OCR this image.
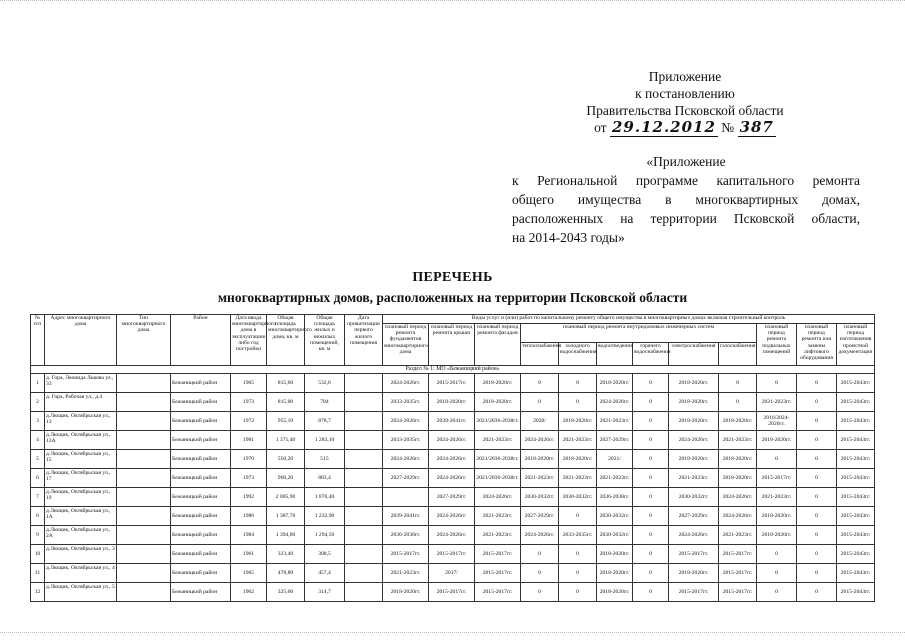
Приложение
к постановлению
Правительства Псковской области
от 29.12.2012 № 387
«Приложение
к Региональной программе капитального ремонта
общего имущества в многоквартирных домах,
расположенных на территории Псковской области,
на 2014-2043 годы»
ПЕРЕЧЕНЬ
многоквартирных домов, расположенных на территории Псковской области
№ п/п	Адрес многоквартирного дома	Тип многоквартирного дома	Район	Дата ввода многоквартирного дома в эксплуатацию либо год постройки	Общая площадь многоквартирного дома, кв. м	Общая площадь жилых и нежилых помещений, кв. м	Дата приватизации первого жилого помещения	Виды услуг и (или) работ по капитальному ремонту общего имущества в многоквартирных домах включая строительный контроль											
								плановый период ремонта фундаментов многоквартирного дома	плановый период ремонта крыши	плановый период ремонта фасадов	плановый период ремонта внутридомовых инженерных систем						плановый период ремонта подвальных помещений	плановый период ремонта или замены лифтового оборудования	плановый период изготовления проектной документации
											теплоснабжения	холодного водоснабжения	водоотведения	горячего водоснабжения	электроснабжения	газоснабжения			
Раздел № 1: МО «Бежаницкий район»																			
1	д. Гора, Леонида Львова ул., 33		Бежаницкий район	1965	815,60	532,6		2024-2026гг.	2015-2017гг.	2018-2020гг.	0	0	2018-2020гг.	0	2018-2020гг.	0	0	0	2015-2043гг.
2	д. Гора, Рабочая ул., д.4		Бежаницкий район	1973	815,00	784		2033-2035гг.	2018-2020гг.	2018-2020гг.	0	0	2024-2026гг.	0	2018-2020гг.	0	2021-2023гг.	0	2015-2043гг.
3	д.Лющик, Октябрьская ул., 13		Бежаницкий район	1972	955,10	878,7		2024-2026гг.	2039-2041гг.	2021/2036-2038гг.	2020/	2018-2020гг.	2021-2023гг.	0	2018-2020гг.	2018-2020гг.	2016/2024-2026гг.	0	2015-2043гг.
4	д.Лющик, Октябрьская ул., 13А		Бежаницкий район	1981	1 371,40	1 283,10		2033-2035гг.	2024-2026гг.	2021-2023гг.	2024-2026гг.	2021-2023гг.	2027-2029гг.	0	2024-2026гг.	2021-2023гг.	2018-2020гг.	0	2015-2043гг.
5	д.Лющик, Октябрьская ул., 15		Бежаницкий район	1970	550,20	515		2024-2026гг.	2024-2026гг.	2021/2036-2038гг.	2018-2020гг.	2018-2020гг.	2021/	0	2018-2020гг.	2018-2020гг.	0	0	2015-2043гг.
6	д.Лющик, Октябрьская ул., 17		Бежаницкий район	1973	960,20	883,4		2027-2029гг.	2024-2026гг.	2021/2036-2038гг.	2021-2023гг.	2021-2023гг.	2021-2023гг.	0	2021-2023гг.	2018-2020гг.	2015-2017гг.	0	2015-2043гг.
7	д.Лющик, Октябрьская ул., 19		Бежаницкий район	1992	2 005,90	1 870,40			2027-2029гг.	2024-2026гг.	2030-2032гг.	2030-2032гг.	2036-2038гг.	0	2030-2032гг.	2024-2026гг.	2021-2023гг.	0	2015-2043гг.
8	д.Лющик, Октябрьская ул., 1А		Бежаницкий район	1986	1 387,70	1 232,90		2039-2041гг.	2024-2026гг.	2021-2023гг.	2027-2029гг.	0	2030-2032гг.	0	2027-2029гг.	2024-2026гг.	2018-2020гг.	0	2015-2043гг.
9	д.Лющик, Октябрьская ул., 2А		Бежаницкий район	1984	1 394,80	1 294,50		2036-2038гг.	2024-2026гг.	2021-2023гг.	2024-2026гг.	2033-2035гг.	2030-2032гг.	0	2024-2026гг.	2021-2023гг.	2018-2020гг.	0	2015-2043гг.
10	д.Лющик, Октябрьская ул., 3		Бежаницкий район	1961	323,40	308,5		2015-2017гг.	2015-2017гг.	2015-2017гг.	0	0	2018-2020гг.	0	2015-2017гг.	2015-2017гг.	0	0	2015-2043гг.
11	д.Лющик, Октябрьская ул., 4		Бежаницкий район	1965	478,80	457,4		2021-2023гг.	2017/	2015-2017гг.	0	0	2018-2020гг.	0	2018-2020гг.	2015-2017гг.	0	0	2015-2043гг.
12	д.Лющик, Октябрьская ул., 5		Бежаницкий район	1962	325,60	314,7		2018-2020гг.	2015-2017гг.	2015-2017гг.	0	0	2018-2020гг.	0	2015-2017гг.	2015-2017гг.	0	0	2015-2043гг.
